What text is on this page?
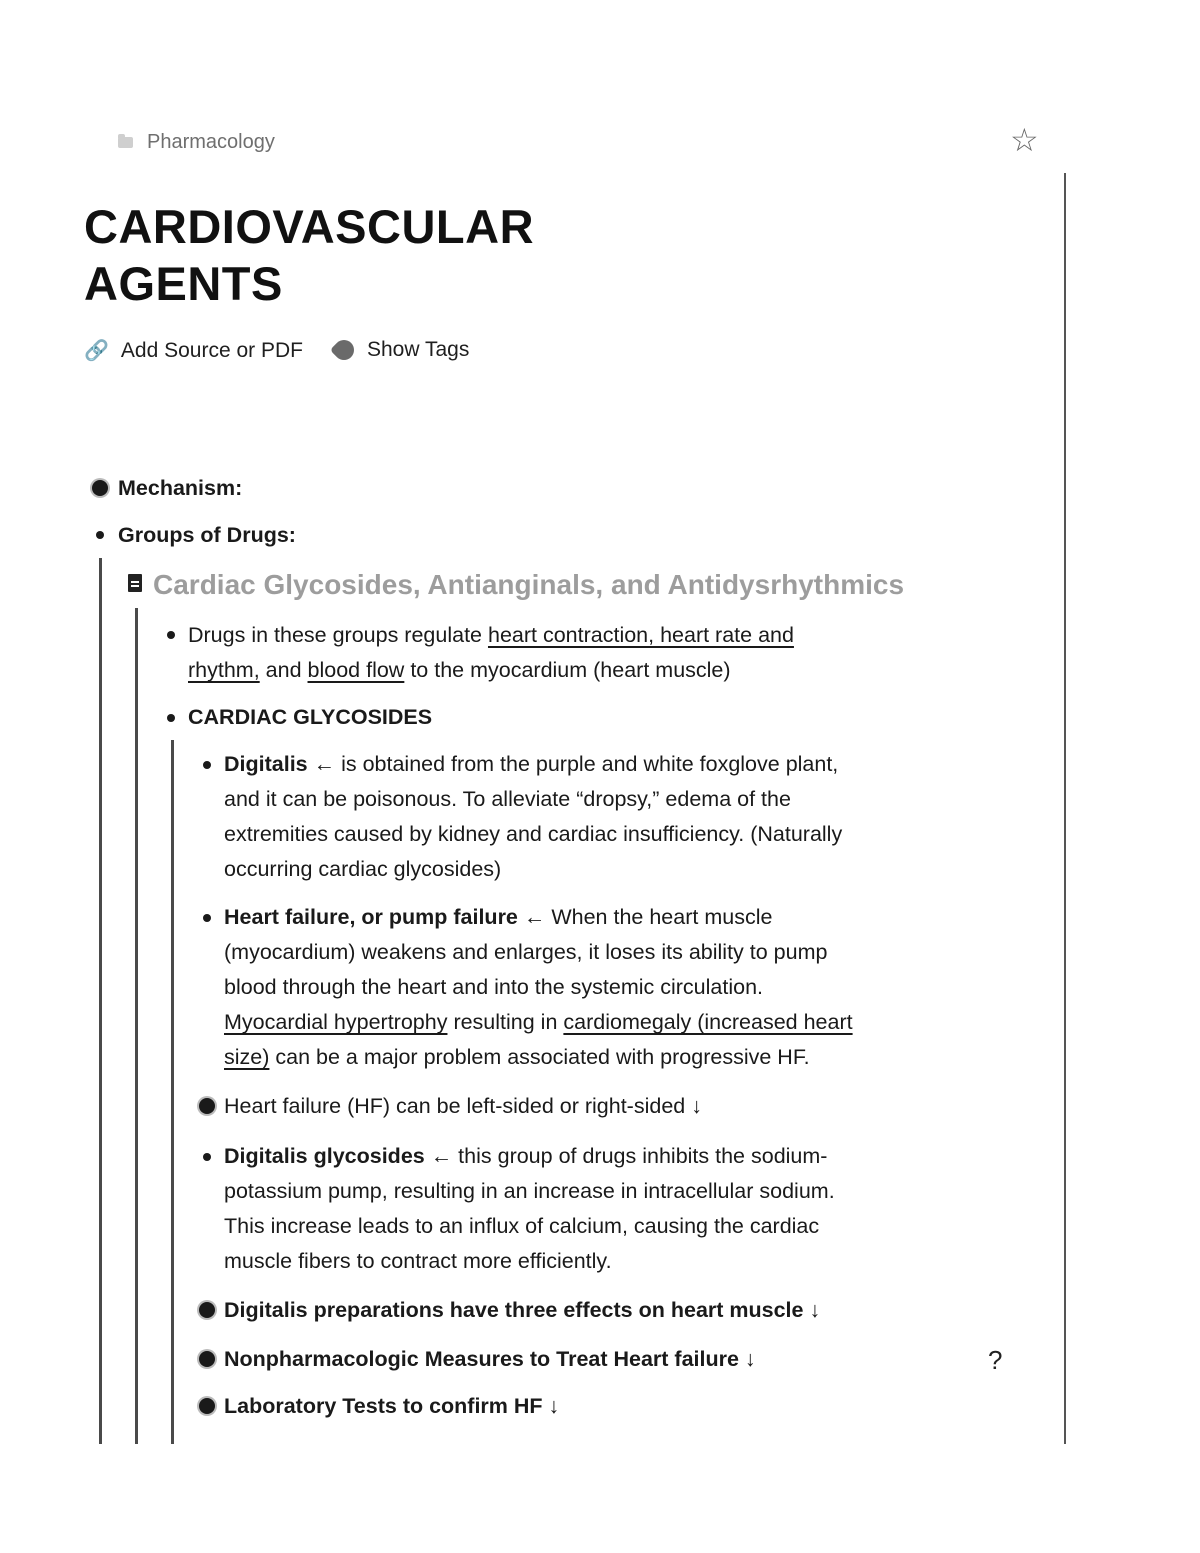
Pharmacology	☆
CARDIOVASCULAR
AGENTS
🔗 Add Source or PDF	Show Tags
Mechanism:
Groups of Drugs:
Cardiac Glycosides, Antianginals, and Antidysrhythmics
Drugs in these groups regulate heart contraction, heart rate and
rhythm, and blood flow to the myocardium (heart muscle)
CARDIAC GLYCOSIDES
Digitalis ← is obtained from the purple and white foxglove plant,
and it can be poisonous. To alleviate “dropsy,” edema of the
extremities caused by kidney and cardiac insufficiency. (Naturally
occurring cardiac glycosides)
Heart failure, or pump failure ← When the heart muscle
(myocardium) weakens and enlarges, it loses its ability to pump
blood through the heart and into the systemic circulation.
Myocardial hypertrophy resulting in cardiomegaly (increased heart
size) can be a major problem associated with progressive HF.
Heart failure (HF) can be left-sided or right-sided ↓
Digitalis glycosides ← this group of drugs inhibits the sodium-
potassium pump, resulting in an increase in intracellular sodium.
This increase leads to an influx of calcium, causing the cardiac
muscle fibers to contract more efficiently.
Digitalis preparations have three effects on heart muscle ↓
Nonpharmacologic Measures to Treat Heart failure ↓
Laboratory Tests to confirm HF ↓
?
